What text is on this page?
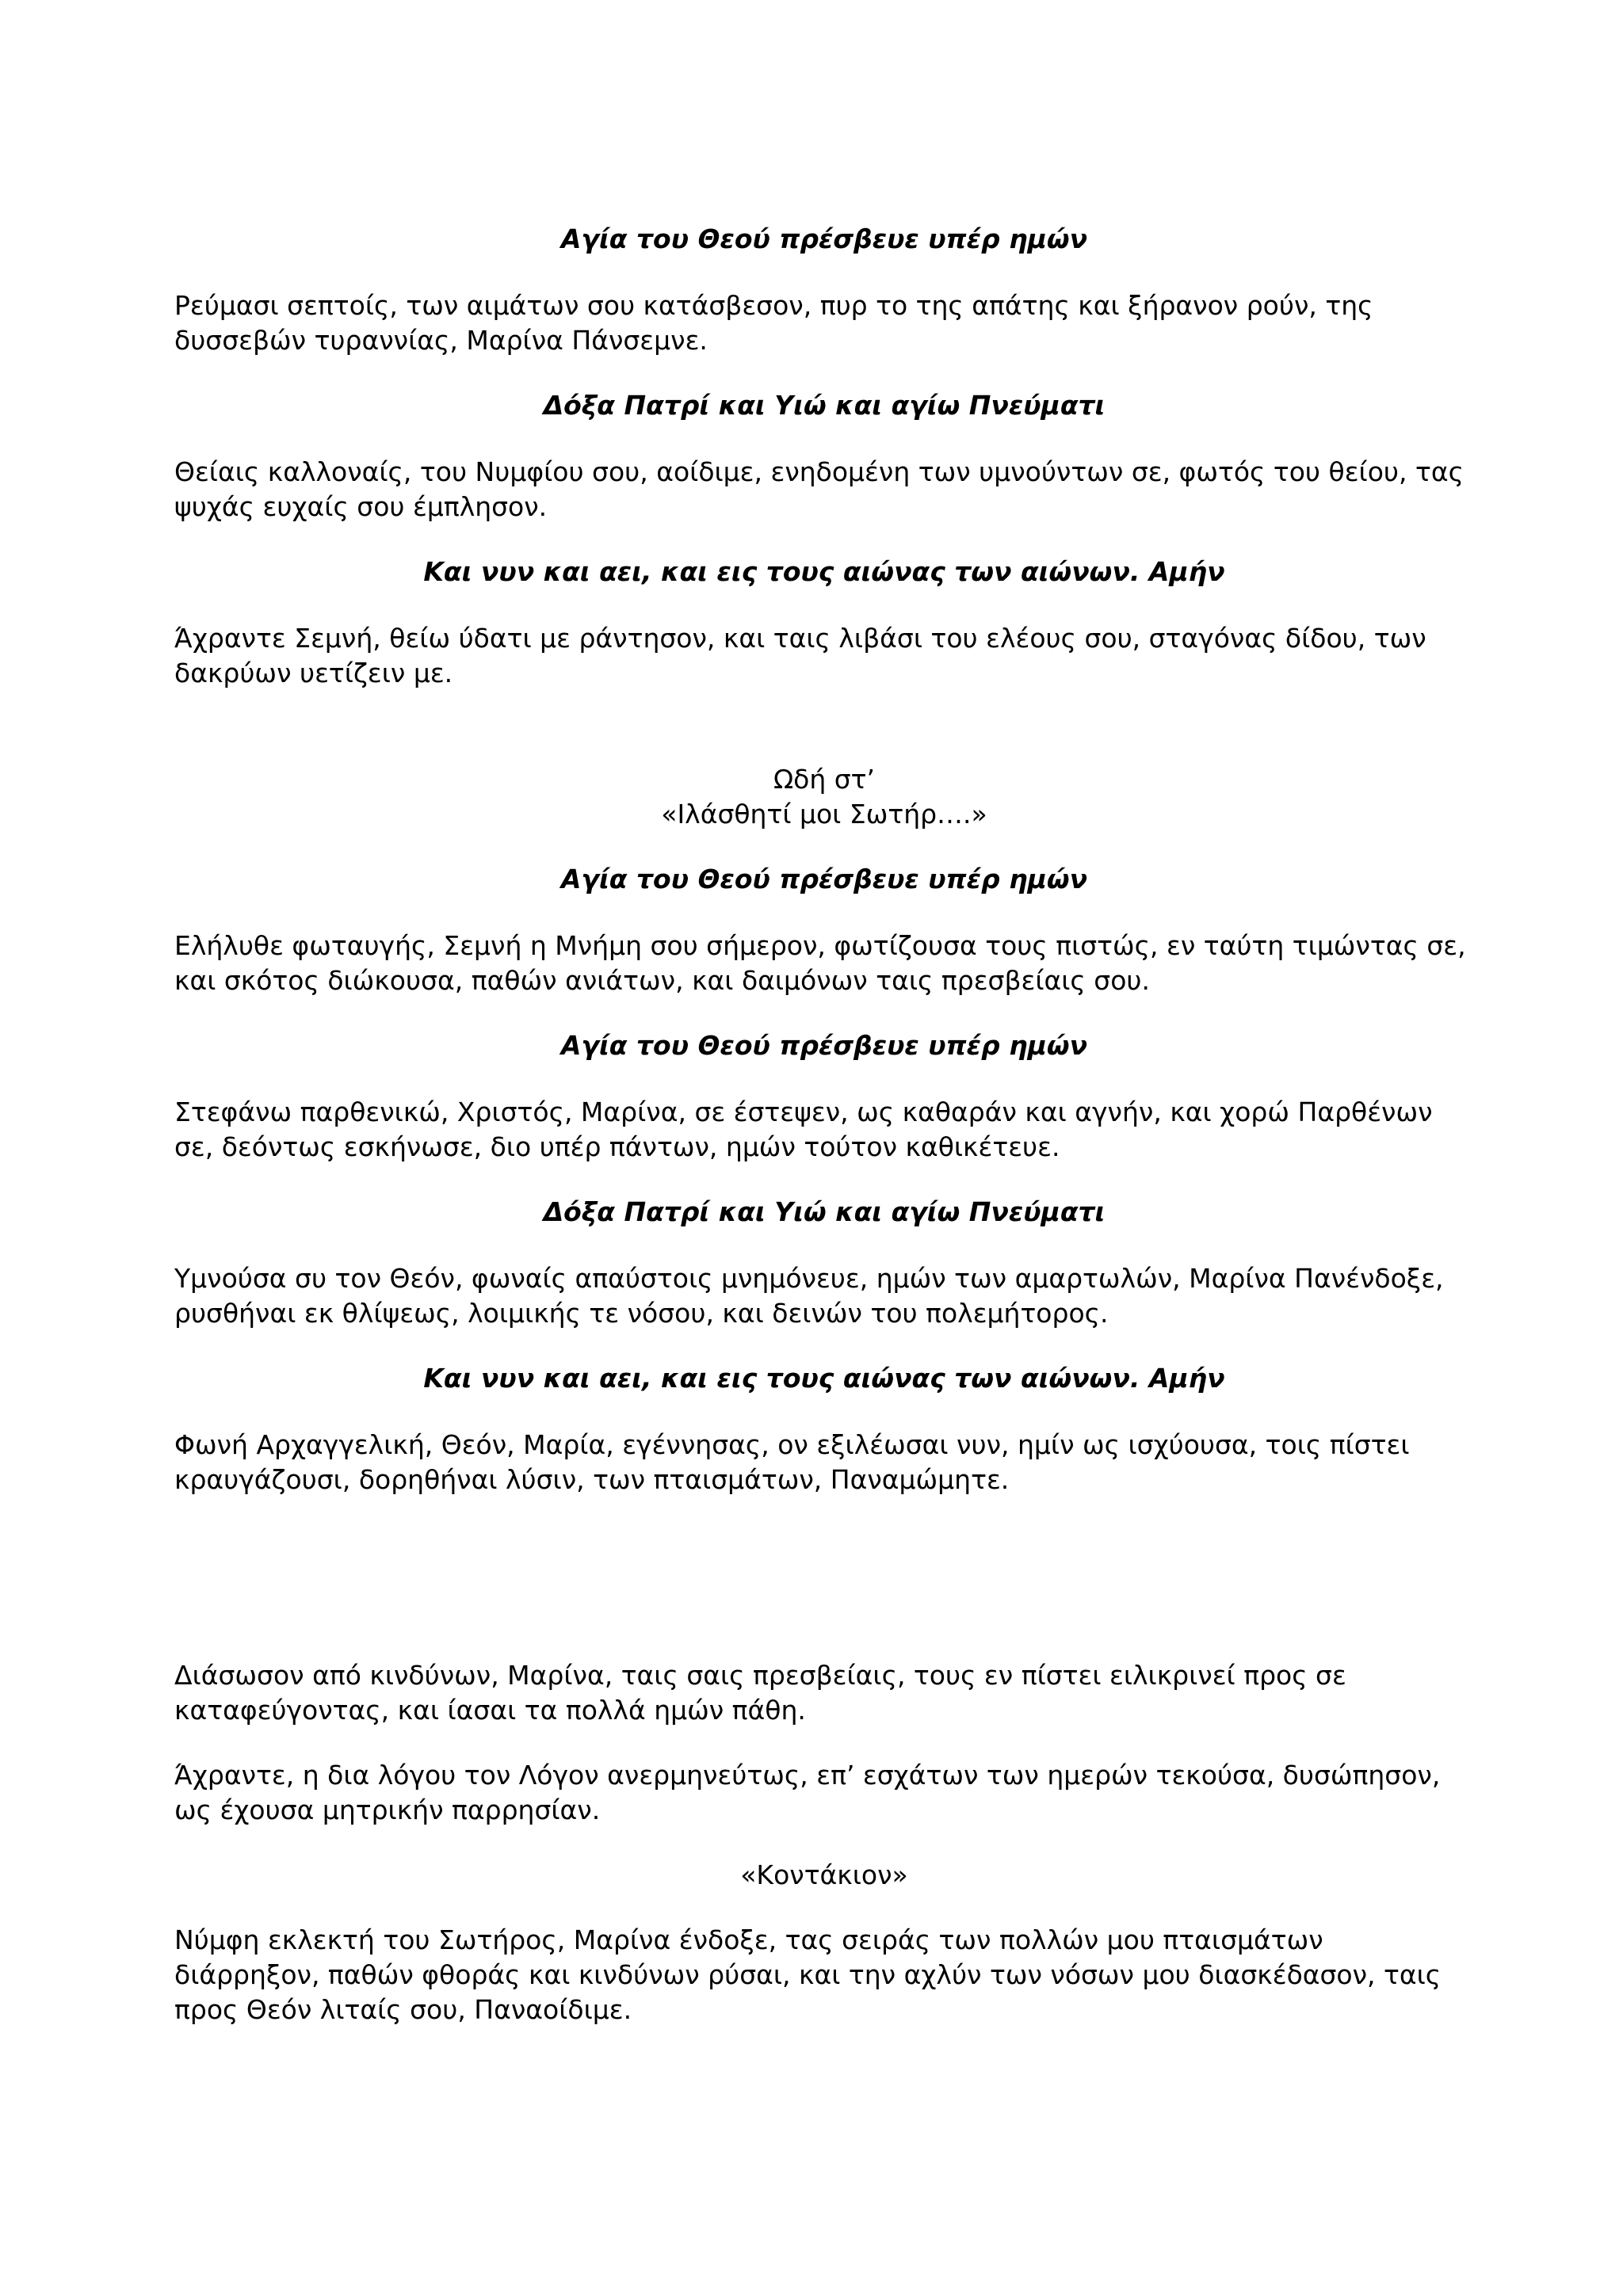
Αγία του Θεού πρέσβευε υπέρ ημών

Ρεύμασι σεπτοίς, των αιμάτων σου κατάσβεσον, πυρ το της απάτης και ξήρανον ρούν, της δυσσεβών τυραννίας, Μαρίνα Πάνσεμνε.

Δόξα Πατρί και Υιώ και αγίω Πνεύματι

Θείαις καλλοναίς, του Νυμφίου σου, αοίδιμε, ενηδομένη των υμνούντων σε, φωτός του θείου, τας ψυχάς ευχαίς σου έμπλησον.

Και νυν και αει, και εις τους αιώνας των αιώνων. Αμήν

Άχραντε Σεμνή, θείω ύδατι με ράντησον, και ταις λιβάσι του ελέους σου, σταγόνας δίδου, των δακρύων υετίζειν με.

Ωδή στ’

«Ιλάσθητί μοι Σωτήρ….»

Αγία του Θεού πρέσβευε υπέρ ημών

Ελήλυθε φωταυγής, Σεμνή η Μνήμη σου σήμερον, φωτίζουσα τους πιστώς, εν ταύτη τιμώντας σε, και σκότος διώκουσα, παθών ανιάτων, και δαιμόνων ταις πρεσβείαις σου.

Αγία του Θεού πρέσβευε υπέρ ημών

Στεφάνω παρθενικώ, Χριστός, Μαρίνα, σε έστεψεν, ως καθαράν και αγνήν, και χορώ Παρθένων σε, δεόντως εσκήνωσε, διο υπέρ πάντων, ημών τούτον καθικέτευε.

Δόξα Πατρί και Υιώ και αγίω Πνεύματι

Υμνούσα συ τον Θεόν, φωναίς απαύστοις μνημόνευε, ημών των αμαρτωλών, Μαρίνα Πανένδοξε, ρυσθήναι εκ θλίψεως, λοιμικής τε νόσου, και δεινών του πολεμήτορος.

Και νυν και αει, και εις τους αιώνας των αιώνων. Αμήν

Φωνή Αρχαγγελική, Θεόν, Μαρία, εγέννησας, ον εξιλέωσαι νυν, ημίν ως ισχύουσα, τοις πίστει κραυγάζουσι, δορηθήναι λύσιν, των πταισμάτων, Παναμώμητε.

Διάσωσον από κινδύνων, Μαρίνα, ταις σαις πρεσβείαις, τους εν πίστει ειλικρινεί προς σε καταφεύγοντας, και ίασαι τα πολλά ημών πάθη.

Άχραντε, η δια λόγου τον Λόγον ανερμηνεύτως, επ’ εσχάτων των ημερών τεκούσα, δυσώπησον, ως έχουσα μητρικήν παρρησίαν.

«Κοντάκιον»

Νύμφη εκλεκτή του Σωτήρος, Μαρίνα ένδοξε, τας σειράς των πολλών μου πταισμάτων διάρρηξον, παθών φθοράς και κινδύνων ρύσαι, και την αχλύν των νόσων μου διασκέδασον, ταις προς Θεόν λιταίς σου, Παναοίδιμε.
